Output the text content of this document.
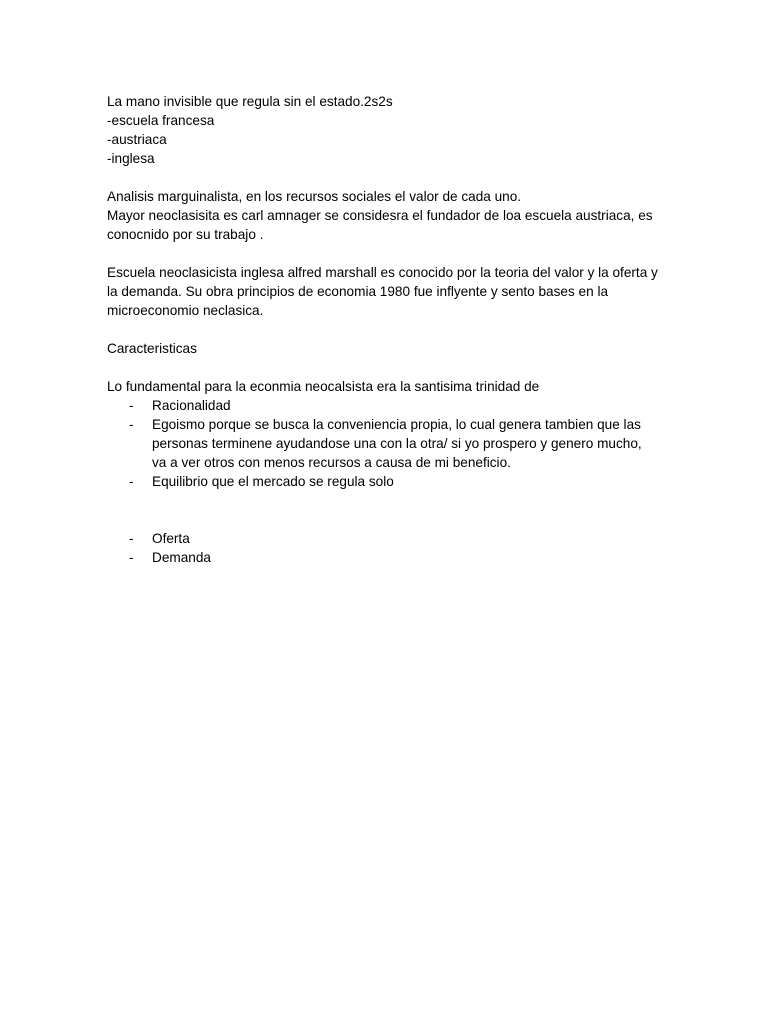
La mano invisible que regula sin el estado.2s2s

-escuela francesa

-austriaca

-inglesa

Analisis marguinalista, en los recursos sociales el valor de cada uno.

Mayor neoclasisita es carl amnager se considesra el fundador de loa escuela austriaca, es

conocnido por su trabajo .

Escuela neoclasicista inglesa alfred marshall es conocido por la teoria del valor y la oferta y

la demanda. Su obra principios de economia 1980 fue inflyente y sento bases en la

microeconomio neclasica.

Caracteristicas

Lo fundamental para la econmia neocalsista era la santisima trinidad de

- Racionalidad
- Egoismo porque se busca la conveniencia propia, lo cual genera tambien que las
personas terminene ayudandose una con la otra/ si yo prospero y genero mucho,
va a ver otros con menos recursos a causa de mi beneficio.
- Equilibrio que el mercado se regula solo
- Oferta
- Demanda
